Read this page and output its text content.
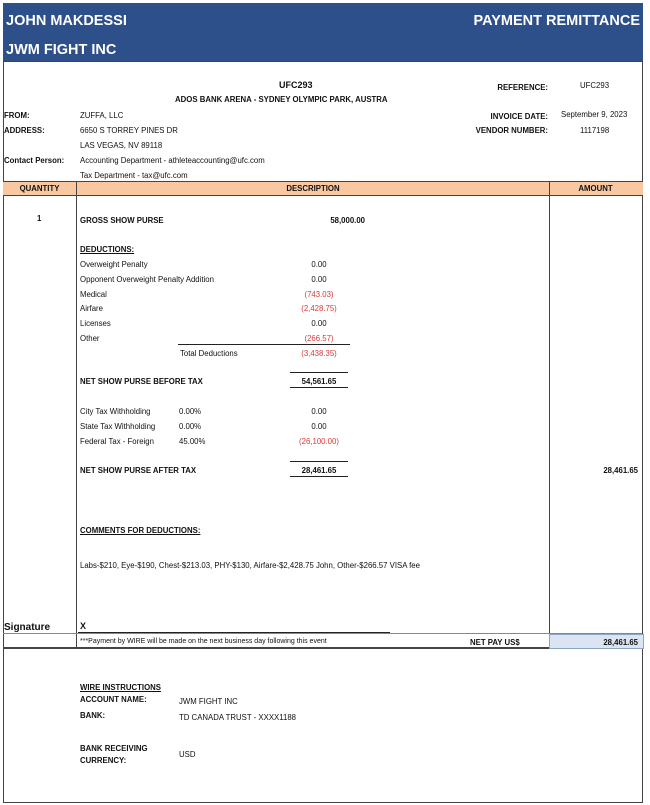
JOHN MAKDESSI
JWM FIGHT INC
PAYMENT REMITTANCE
UFC293
ADOS BANK ARENA - SYDNEY OLYMPIC PARK, AUSTRA
REFERENCE:	UFC293
INVOICE DATE: September 9, 2023
VENDOR NUMBER:	1117198
FROM:	ZUFFA, LLC
ADDRESS:	6650 S TORREY PINES DR
LAS VEGAS, NV 89118
Contact Person: Accounting Department - athleteaccounting@ufc.com
Tax Department - tax@ufc.com
QUANTITY	DESCRIPTION	AMOUNT
1	GROSS SHOW PURSE	58,000.00
DEDUCTIONS:
Overweight Penalty	0.00
Opponent Overweight Penalty Addition	0.00
Medical	(743.03)
Airfare	(2,428.75)
Licenses	0.00
Other	(266.57)
Total Deductions	(3,438.35)
NET SHOW PURSE BEFORE TAX	54,561.65
City Tax Withholding	0.00%	0.00
State Tax Withholding	0.00%	0.00
Federal Tax - Foreign	45.00%	(26,100.00)
NET SHOW PURSE AFTER TAX	28,461.65	28,461.65
COMMENTS FOR DEDUCTIONS:
Labs-$210, Eye-$190, Chest-$213.03, PHY-$130, Airfare-$2,428.75 John, Other-$266.57 VISA fee
Signature	X
***Payment by WIRE will be made on the next business day following this event	NET PAY US$	28,461.65
WIRE INSTRUCTIONS
ACCOUNT NAME:	JWM FIGHT INC
BANK:	TD CANADA TRUST - XXXX1188
BANK RECEIVING
CURRENCY:
USD
